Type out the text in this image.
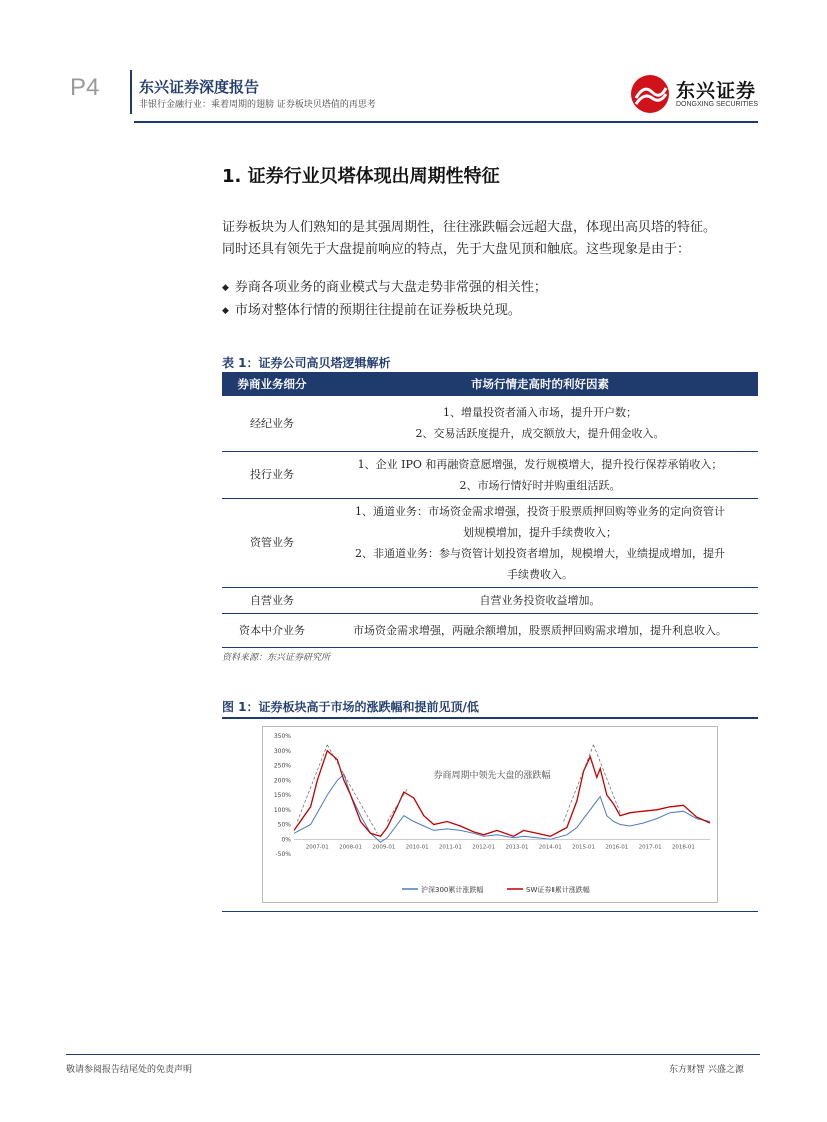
P4	东兴证券深度报告
非银行金融行业：乘着周期的翅膀 证券板块贝塔值的再思考
东兴证券
DONGXING SECURITIES
1. 证券行业贝塔体现出周期性特征
证券板块为人们熟知的是其强周期性，往往涨跌幅会远超大盘，体现出高贝塔的特征。
同时还具有领先于大盘提前响应的特点，先于大盘见顶和触底。这些现象是由于：
◆ 券商各项业务的商业模式与大盘走势非常强的相关性；
◆ 市场对整体行情的预期往往提前在证券板块兑现。
表 1：证券公司高贝塔逻辑解析
券商业务细分	市场行情走高时的利好因素
经纪业务	1、增量投资者涌入市场，提升开户数；
2、交易活跃度提升，成交额放大，提升佣金收入。

投行业务	1、企业 IPO 和再融资意愿增强，发行规模增大，提升投行保荐承销收入；
2、市场行情好时并购重组活跃。

资管业务	1、通道业务：市场资金需求增强，投资于股票质押回购等业务的定向资管计
划规模增加，提升手续费收入；
2、非通道业务：参与资管计划投资者增加，规模增大，业绩提成增加，提升
手续费收入。

自营业务	自营业务投资收益增加。

资本中介业务	市场资金需求增强，两融余额增加，股票质押回购需求增加，提升利息收入。
资料来源：东兴证券研究所
图 1：证券板块高于市场的涨跌幅和提前见顶/低
350%
300%
250%
200%
150%
100%
50%
0%
-50%
2007-01 2008-01 2009-01 2010-01 2011-01 2012-01 2013-01 2014-01 2015-01 2016-01 2017-01 2018-01
券商周期中领先大盘的涨跌幅
沪深300累计涨跌幅	SW证券Ⅱ累计涨跌幅
敬请参阅报告结尾处的免责声明	东方财智 兴盛之源
